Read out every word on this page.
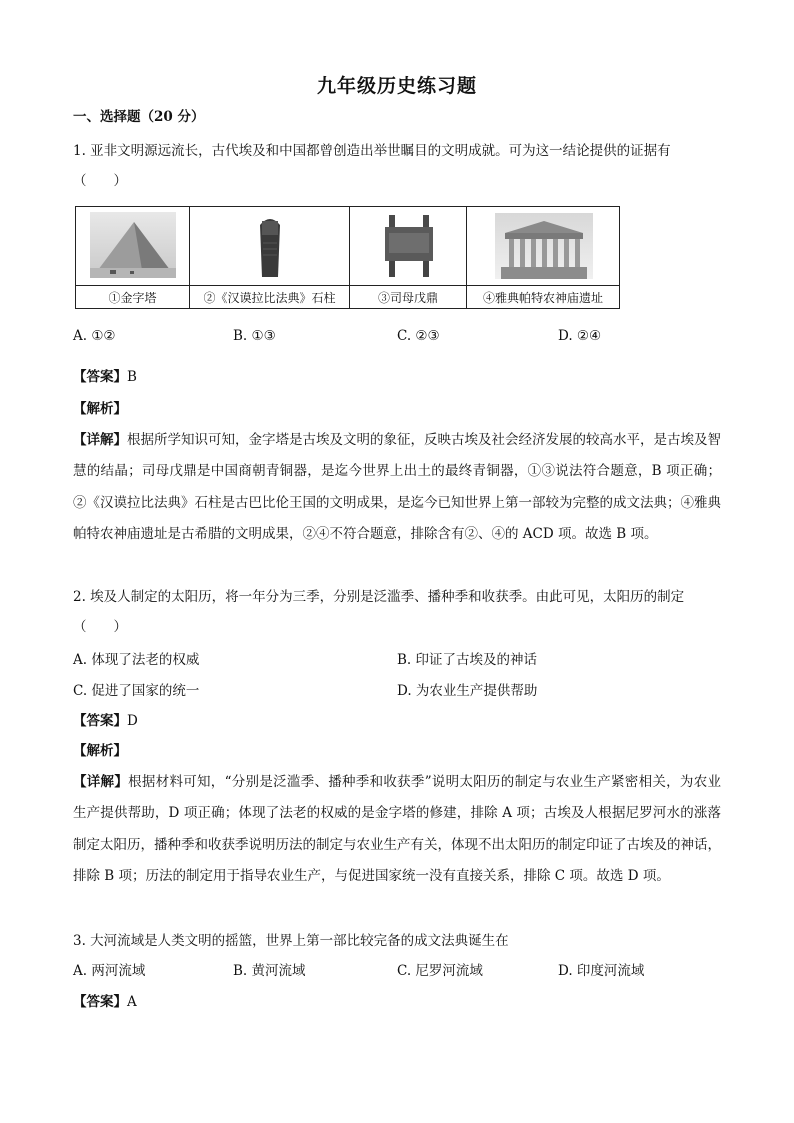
九年级历史练习题
一、选择题（20 分）
1. 亚非文明源远流长，古代埃及和中国都曾创造出举世瞩目的文明成就。可为这一结论提供的证据有
（　　）
①金字塔	②《汉谟拉比法典》石柱	③司母戊鼎	④雅典帕特农神庙遗址
A. ①②	B. ①③	C. ②③	D. ②④
【答案】B
【解析】
【详解】根据所学知识可知，金字塔是古埃及文明的象征，反映古埃及社会经济发展的较高水平，是古埃及智慧的结晶；司母戊鼎是中国商朝青铜器，是迄今世界上出土的最终青铜器，①③说法符合题意，B 项正确；②《汉谟拉比法典》石柱是古巴比伦王国的文明成果，是迄今已知世界上第一部较为完整的成文法典；④雅典帕特农神庙遗址是古希腊的文明成果，②④不符合题意，排除含有②、④的 ACD 项。故选 B 项。
2. 埃及人制定的太阳历，将一年分为三季，分别是泛滥季、播种季和收获季。由此可见，太阳历的制定
（　　）
A. 体现了法老的权威	B. 印证了古埃及的神话
C. 促进了国家的统一	D. 为农业生产提供帮助
【答案】D
【解析】
【详解】根据材料可知，“分别是泛滥季、播种季和收获季”说明太阳历的制定与农业生产紧密相关，为农业生产提供帮助，D 项正确；体现了法老的权威的是金字塔的修建，排除 A 项；古埃及人根据尼罗河水的涨落制定太阳历，播种季和收获季说明历法的制定与农业生产有关，体现不出太阳历的制定印证了古埃及的神话，排除 B 项；历法的制定用于指导农业生产，与促进国家统一没有直接关系，排除 C 项。故选 D 项。
3. 大河流域是人类文明的摇篮，世界上第一部比较完备的成文法典诞生在
A. 两河流域	B. 黄河流域	C. 尼罗河流域	D. 印度河流域
【答案】A
